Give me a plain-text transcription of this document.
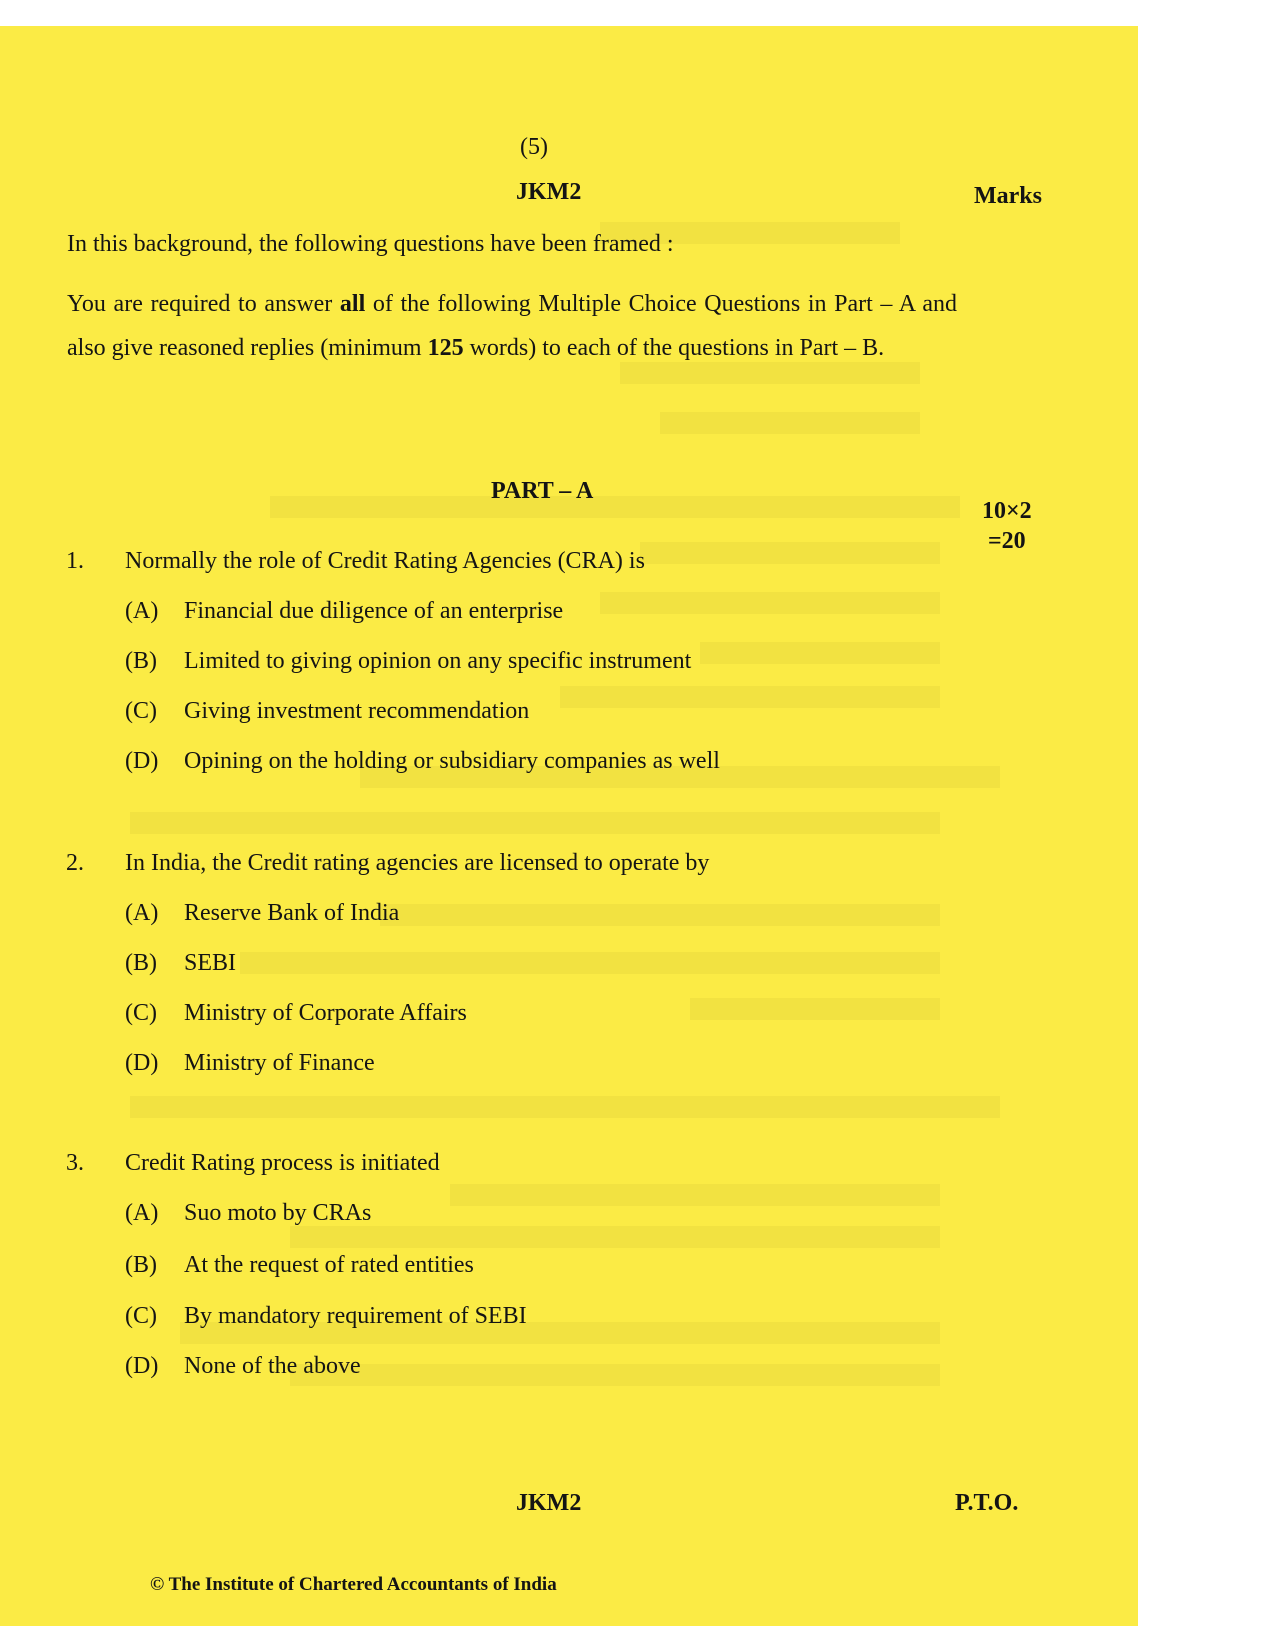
(5)
JKM2	Marks
In this background, the following questions have been framed :
You are required to answer all of the following Multiple Choice Questions in Part – A and also give reasoned replies (minimum 125 words) to each of the questions in Part – B.
PART – A
10×2
=20
1. Normally the role of Credit Rating Agencies (CRA) is
(A) Financial due diligence of an enterprise
(B) Limited to giving opinion on any specific instrument
(C) Giving investment recommendation
(D) Opining on the holding or subsidiary companies as well
2. In India, the Credit rating agencies are licensed to operate by
(A) Reserve Bank of India
(B) SEBI
(C) Ministry of Corporate Affairs
(D) Ministry of Finance
3. Credit Rating process is initiated
(A) Suo moto by CRAs
(B) At the request of rated entities
(C) By mandatory requirement of SEBI
(D) None of the above
JKM2	P.T.O.
© The Institute of Chartered Accountants of India
